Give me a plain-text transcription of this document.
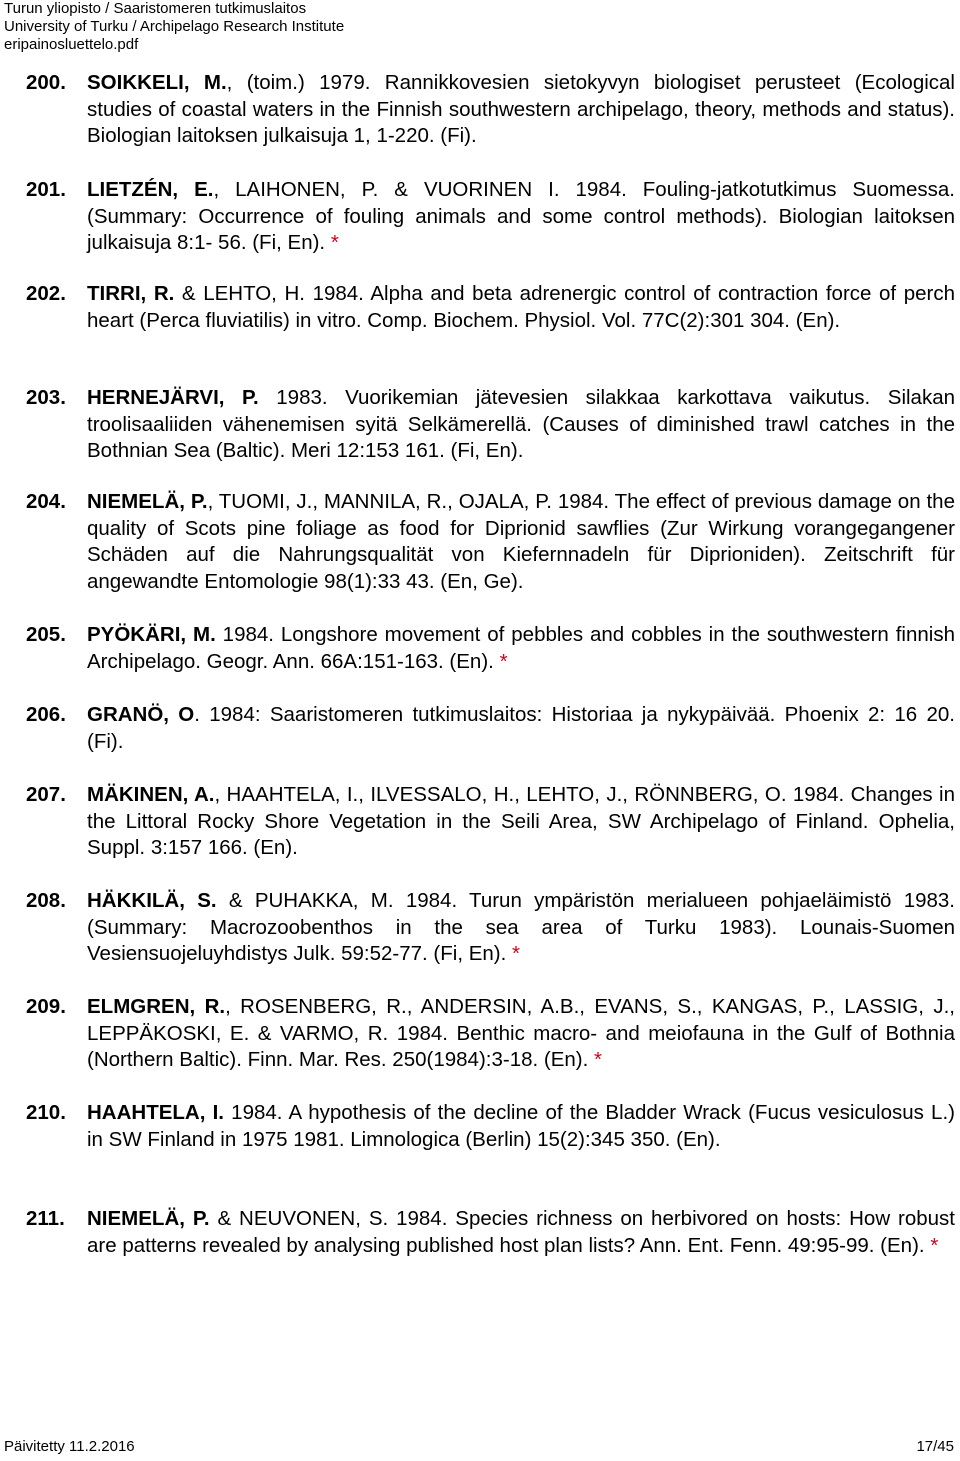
Turun yliopisto / Saaristomeren tutkimuslaitos
University of Turku / Archipelago Research Institute
eripainosluettelo.pdf
200. SOIKKELI, M., (toim.) 1979. Rannikkovesien sietokyvyn biologiset perusteet (Ecological studies of coastal waters in the Finnish southwestern archipelago, theory, methods and status). Biologian laitoksen julkaisuja 1, 1-220. (Fi).
201. LIETZÉN, E., LAIHONEN, P. & VUORINEN I. 1984. Fouling-jatkotutkimus Suomessa. (Summary: Occurrence of fouling animals and some control methods). Biologian laitoksen julkaisuja 8:1- 56. (Fi, En). *
202. TIRRI, R. & LEHTO, H. 1984. Alpha and beta adrenergic control of contraction force of perch heart (Perca fluviatilis) in vitro. Comp. Biochem. Physiol. Vol. 77C(2):301 304. (En).
203. HERNEJÄRVI, P. 1983. Vuorikemian jätevesien silakkaa karkottava vaikutus. Silakan troolisaaliiden vähenemisen syitä Selkämerellä. (Causes of diminished trawl catches in the Bothnian Sea (Baltic). Meri 12:153 161. (Fi, En).
204. NIEMELÄ, P., TUOMI, J., MANNILA, R., OJALA, P. 1984. The effect of previous damage on the quality of Scots pine foliage as food for Diprionid sawflies (Zur Wirkung vorangegangener Schäden auf die Nahrungsqualität von Kiefernnadeln für Diprioniden). Zeitschrift für angewandte Entomologie 98(1):33 43. (En, Ge).
205. PYÖKÄRI, M. 1984. Longshore movement of pebbles and cobbles in the southwestern finnish Archipelago. Geogr. Ann. 66A:151-163. (En). *
206. GRANÖ, O. 1984: Saaristomeren tutkimuslaitos: Historiaa ja nykypäivää. Phoenix 2: 16 20. (Fi).
207. MÄKINEN, A., HAAHTELA, I., ILVESSALO, H., LEHTO, J., RÖNNBERG, O. 1984. Changes in the Littoral Rocky Shore Vegetation in the Seili Area, SW Archipelago of Finland. Ophelia, Suppl. 3:157 166. (En).
208. HÄKKILÄ, S. & PUHAKKA, M. 1984. Turun ympäristön merialueen pohjaeläimistö 1983. (Summary: Macrozoobenthos in the sea area of Turku 1983). Lounais-Suomen Vesiensuojeluyhdistys Julk. 59:52-77. (Fi, En). *
209. ELMGREN, R., ROSENBERG, R., ANDERSIN, A.B., EVANS, S., KANGAS, P., LASSIG, J., LEPPÄKOSKI, E. & VARMO, R. 1984. Benthic macro- and meiofauna in the Gulf of Bothnia (Northern Baltic). Finn. Mar. Res. 250(1984):3-18. (En). *
210. HAAHTELA, I. 1984. A hypothesis of the decline of the Bladder Wrack (Fucus vesiculosus L.) in SW Finland in 1975 1981. Limnologica (Berlin) 15(2):345 350. (En).
211. NIEMELÄ, P. & NEUVONEN, S. 1984. Species richness on herbivored on hosts: How robust are patterns revealed by analysing published host plan lists? Ann. Ent. Fenn. 49:95-99. (En). *
Päivitetty 11.2.2016	17/45
